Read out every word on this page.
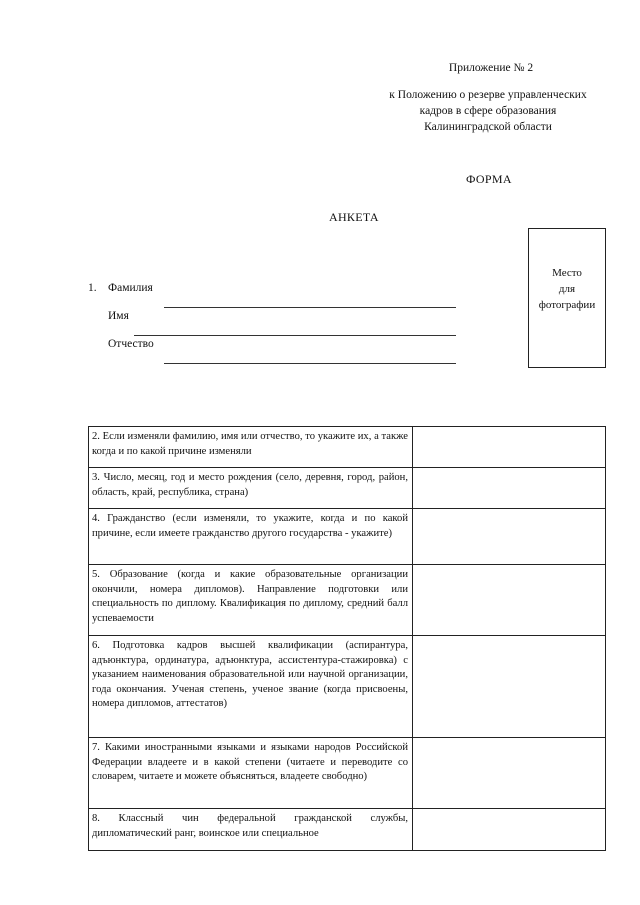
Приложение № 2
к Положению о резерве управленческих
кадров в сфере образования
Калининградской области
ФОРМА
АНКЕТА
Место
для
фотографии
1. Фамилия
Имя
Отчество
2. Если изменяли фамилию, имя или отчество, то укажите их, а также когда и по какой причине изменяли	
3. Число, месяц, год и место рождения (село, деревня, город, район, область, край, республика, страна)	
4. Гражданство (если изменяли, то укажите, когда и по какой причине, если имеете гражданство другого государства - укажите)	
5. Образование (когда и какие образовательные организации окончили, номера дипломов). Направление подготовки или специальность по диплому. Квалификация по диплому, средний балл успеваемости	
6. Подготовка кадров высшей квалификации (аспирантура, адъюнктура, ординатура, адъюнктура, ассистентура-стажировка) с указанием наименования образовательной или научной организации, года окончания. Ученая степень, ученое звание (когда присвоены, номера дипломов, аттестатов)	
7. Какими иностранными языками и языками народов Российской Федерации владеете и в какой степени (читаете и переводите со словарем, читаете и можете объясняться, владеете свободно)	
8. Классный чин федеральной гражданской службы, дипломатический ранг, воинское или специальное	
